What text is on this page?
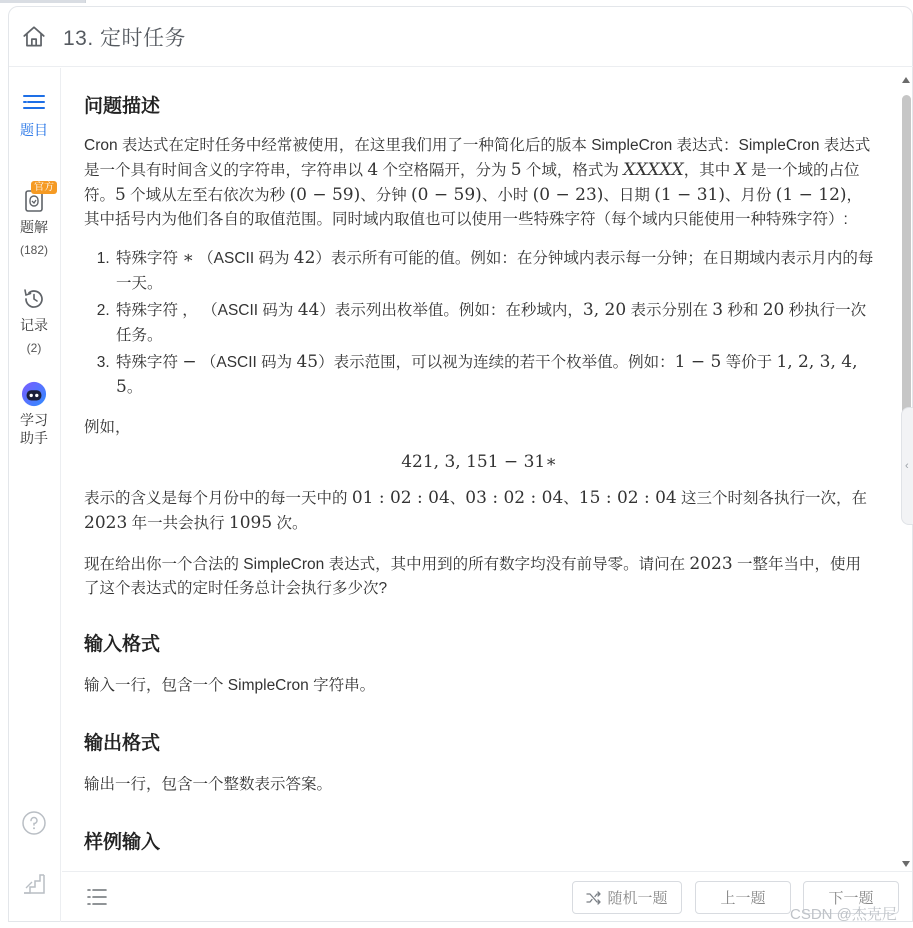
13. 定时任务
题目
官方
题解
(182)
记录
(2)
学习
助手
问题描述

Cron 表达式在定时任务中经常被使用，在这里我们用了一种简化后的版本 SimpleCron 表达式：SimpleCron 表达式是一个具有时间含义的字符串，字符串以 4 个空格隔开，分为 5 个域，格式为 XXXXX，其中 X 是一个域的占位符。5 个域从左至右依次为秒 (0 − 59)、分钟 (0 − 59)、小时 (0 − 23)、日期 (1 − 31)、月份 (1 − 12)，其中括号内为他们各自的取值范围。同时域内取值也可以使用一些特殊字符（每个域内只能使用一种特殊字符）:

1. 特殊字符 ∗ （ASCII 码为 42）表示所有可能的值。例如：在分钟域内表示每一分钟；在日期域内表示月内的每一天。
2. 特殊字符 ， （ASCII 码为 44）表示列出枚举值。例如：在秒域内，3, 20 表示分别在 3 秒和 20 秒执行一次任务。
3. 特殊字符 − （ASCII 码为 45）表示范围，可以视为连续的若干个枚举值。例如：1 − 5 等价于 1, 2, 3, 4, 5。

例如，

421, 3, 151 − 31∗

表示的含义是每个月份中的每一天中的 01 : 02 : 04、03 : 02 : 04、15 : 02 : 04 这三个时刻各执行一次，在 2023 年一共会执行 1095 次。

现在给出你一个合法的 SimpleCron 表达式，其中用到的所有数字均没有前导零。请问在 2023 一整年当中，使用了这个表达式的定时任务总计会执行多少次?

输入格式

输入一行，包含一个 SimpleCron 字符串。

输出格式

输出一行，包含一个整数表示答案。

样例输入
‹
随机一题	上一题	下一题
CSDN @杰克尼
